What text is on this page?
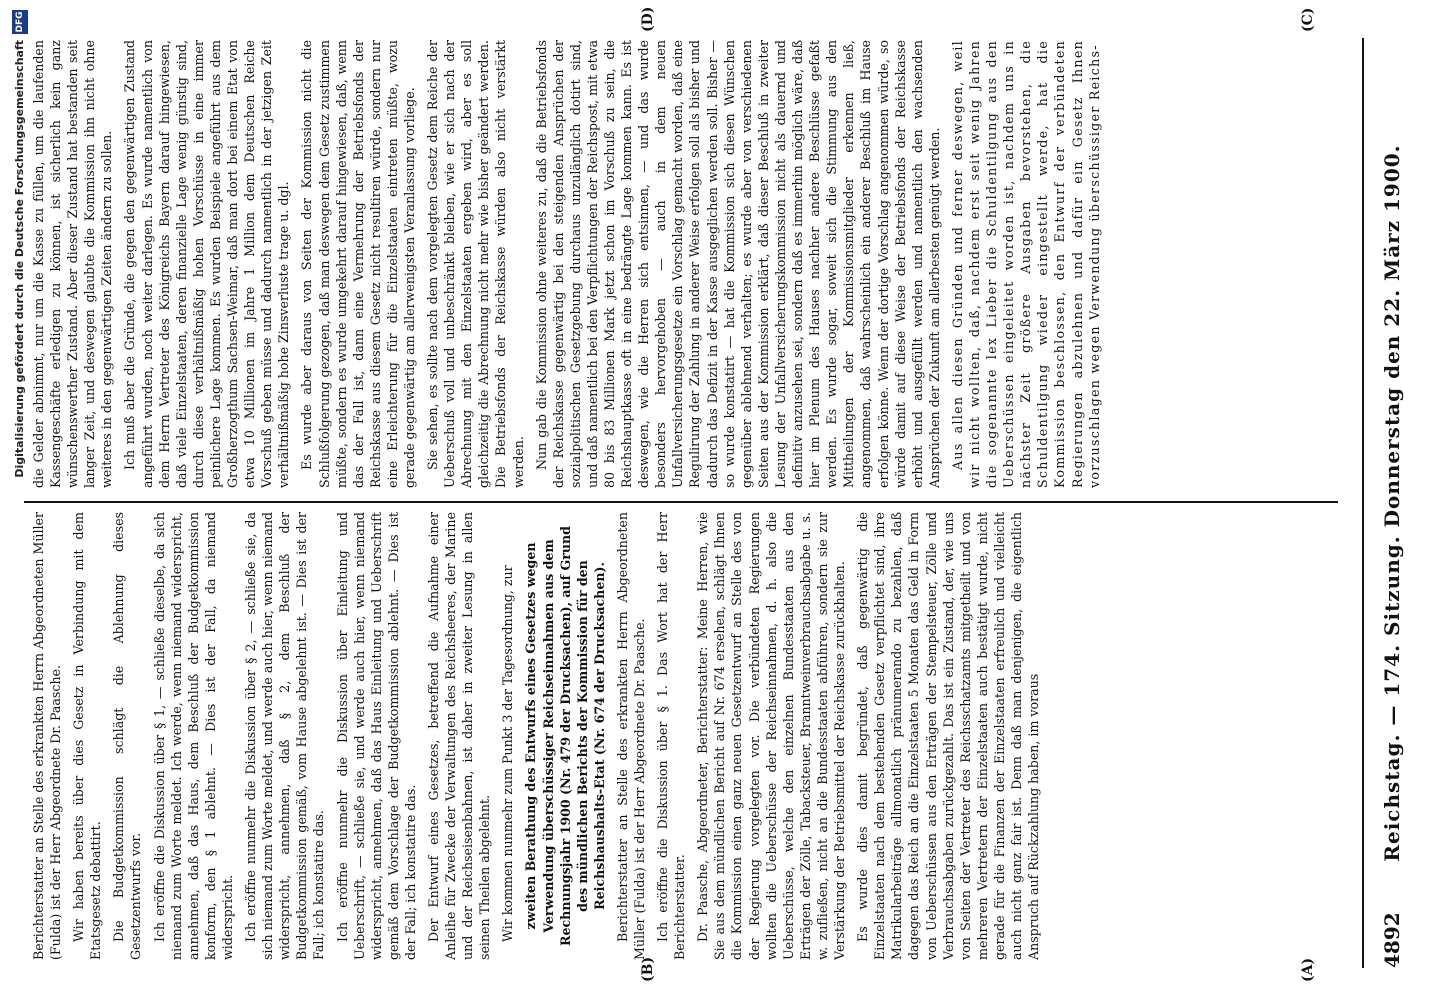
4892
Reichstag. — 174. Sitzung. Donnerstag den 22. März 1900.
(A)
(B)
(C)
(D)

Berichterstatter an Stelle des erkrankten Herrn Abgeordneten Müller (Fulda) ist der Herr Abgeordnete Dr. Paasche. Wir haben bereits über dies Gesetz in Verbindung mit dem Etatsgesetz debattirt. Die Budgetkommission schlägt die Ablehnung dieses Gesetzentwurfs vor. Ich eröffne die Diskussion über § 1, — schließe dieselbe, da sich niemand zum Worte meldet. Ich werde, wenn niemand widerspricht, annehmen, daß das Haus, dem Beschluß der Budgetkommission konform, den § 1 ablehnt. — Dies ist der Fall, da niemand widerspricht. Ich eröffne nunmehr die Diskussion über § 2, — schließe sie, da sich niemand zum Worte meldet, und werde auch hier, wenn niemand widerspricht, annehmen, daß § 2, dem Beschluß der Budgetkommission gemäß, vom Hause abgelehnt ist. — Dies ist der Fall; ich konstatire das. Ich eröffne nunmehr die Diskussion über Einleitung und Ueberschrift, — schließe sie, und werde auch hier, wenn niemand widerspricht, annehmen, daß das Haus Einleitung und Ueberschrift gemäß dem Vorschlage der Budgetkommission ablehnt. — Dies ist der Fall; ich konstatire das. Der Entwurf eines Gesetzes, betreffend die Aufnahme einer Anleihe für Zwecke der Verwaltungen des Reichsheeres, der Marine und der Reichseisenbahnen, ist daher in zweiter Lesung in allen seinen Theilen abgelehnt. Wir kommen nunmehr zum Punkt 3 der Tagesordnung, zur zweiten Berathung des Entwurfs eines Gesetzes wegen Verwendung überschüssiger Reichseinnahmen aus dem Rechnungsjahr 1900 (Nr. 479 der Drucksachen), auf Grund des mündlichen Berichts der Kommission für den Reichshaushalts-Etat (Nr. 674 der Drucksachen). Berichterstatter an Stelle des erkrankten Herrn Abgeordneten Müller (Fulda) ist der Herr Abgeordnete Dr. Paasche. Ich eröffne die Diskussion über § 1. Das Wort hat der Herr Berichterstatter. Dr. Paasche, Abgeordneter, Berichterstatter: Meine Herren, wie Sie aus dem mündlichen Bericht auf Nr. 674 ersehen, schlägt Ihnen die Kommission einen ganz neuen Gesetzentwurf an Stelle des von der Regierung vorgelegten vor. Die verbündeten Regierungen wollten die Ueberschüsse der Reichseinnahmen, d. h. also die Ueberschüsse, welche den einzelnen Bundesstaaten aus den Erträgen der Zölle, Tabacksteuer, Branntweinverbrauchsabgabe u. s. w. zufließen, nicht an die Bundesstaaten abführen, sondern sie zur Verstärkung der Betriebsmittel der Reichskasse zurückhalten. Es wurde dies damit begründet, daß gegenwärtig die Einzelstaaten nach dem bestehenden Gesetz verpflichtet sind, ihre Matrikularbeiträge allmonatlich pränumerando zu bezahlen, daß dagegen das Reich an die Einzelstaaten 5 Monaten das Geld in Form von Ueberschüssen aus den Erträgen der Stempelsteuer, Zölle und Verbrauchsabgaben zurückgezahlt. Das ist ein Zustand, der, wie uns von Seiten der Vertreter des Reichsschatzamts mitgetheilt und von mehreren Vertretern der Einzelstaaten auch bestätigt wurde, nicht gerade für die Finanzen der Einzelstaaten erfreulich und vielleicht auch nicht ganz fair ist. Denn daß man denjenigen, die eigentlich Anspruch auf Rückzahlung haben, im voraus

die Gelder abnimmt, nur um die Kasse zu füllen, um die laufenden Kassengeschäfte erledigen zu können, ist sicherlich kein ganz wünschenswerther Zustand. Aber dieser Zustand hat bestanden seit langer Zeit, und deswegen glaubte die Kommission ihn nicht ohne weiteres in den gegenwärtigen Zeiten ändern zu sollen. Ich muß aber die Gründe, die gegen den gegenwärtigen Zustand angeführt wurden, noch weiter darlegen. Es wurde namentlich von dem Herrn Vertreter des Königreichs Bayern darauf hingewiesen, daß viele Einzelstaaten, deren finanzielle Lage wenig günstig sind, durch diese verhältnißmäßig hohen Vorschüsse in eine immer peinlichere Lage kommen. Es wurden Beispiele angeführt aus dem Großherzogthum Sachsen-Weimar, daß man dort bei einem Etat von etwa 10 Millionen im Jahre 1 Million dem Deutschen Reiche Vorschuß geben müsse und dadurch namentlich in der jetzigen Zeit verhältnißmäßig hohe Zinsverluste trage u. dgl. Es wurde aber daraus von Seiten der Kommission nicht die Schlußfolgerung gezogen, daß man deswegen dem Gesetz zustimmen müßte, sondern es wurde umgekehrt darauf hingewiesen, daß, wenn das der Fall ist, dann eine Vermehrung der Betriebsfonds der Reichskasse aus diesem Gesetz nicht resultiren würde, sondern nur eine Erleichterung für die Einzelstaaten eintreten müßte, wozu gerade gegenwärtig am allerwenigsten Veranlassung vorliege. Sie sehen, es sollte nach dem vorgelegten Gesetz dem Reiche der Ueberschuß voll und unbeschränkt bleiben, wie er sich nach der Abrechnung mit den Einzelstaaten ergeben wird, aber es soll gleichzeitig die Abrechnung nicht mehr wie bisher geändert werden. Die Betriebsfonds der Reichskasse würden also nicht verstärkt werden. Nun gab die Kommission ohne weiteres zu, daß die Betriebsfonds der Reichskasse gegenwärtig bei den steigenden Ansprüchen der sozialpolitischen Gesetzgebung durchaus unzulänglich dotirt sind, und daß namentlich bei den Verpflichtungen der Reichspost, mit etwa 80 bis 83 Millionen Mark jetzt schon im Vorschuß zu sein, die Reichshauptkasse oft in eine bedrängte Lage kommen kann. Es ist deswegen, wie die Herren sich entsinnen, — und das wurde besonders hervorgehoben — auch in dem neuen Unfallversicherungsgesetze ein Vorschlag gemacht worden, daß eine Regulirung der Zahlung in anderer Weise erfolgen soll als bisher und dadurch das Defizit in der Kasse ausgeglichen werden soll. Bisher — so wurde konstatirt — hat die Kommission sich diesen Wünschen gegenüber ablehnend verhalten; es wurde aber von verschiedenen Seiten aus der Kommission erklärt, daß dieser Beschluß in zweiter Lesung der Unfallversicherungskommission nicht als dauernd und definitiv anzusehen sei, sondern daß es immerhin möglich wäre, daß hier im Plenum des Hauses nachher andere Beschlüsse gefaßt werden. Es wurde sogar, soweit sich die Stimmung aus den Mittheilungen der Kommissionsmitglieder erkennen ließ, angenommen, daß wahrscheinlich ein anderer Beschluß im Hause erfolgen könne. Wenn der dortige Vorschlag angenommen würde, so würde damit auf diese Weise der Betriebsfonds der Reichskasse erhöht und ausgefüllt werden und namentlich den wachsenden Ansprüchen der Zukunft am allerbesten genügt werden. Aus allen diesen Gründen und ferner deswegen, weil wir nicht wollten, daß, nachdem erst seit wenig Jahren die sogenannte lex Lieber die Schuldentilgung aus den Ueberschüssen eingeleitet worden ist, nachdem uns in nächster Zeit größere Ausgaben bevorstehen, die Schuldentilgung wieder eingestellt werde, hat die Kommission beschlossen, den Entwurf der verbündeten Regierungen abzulehnen und dafür ein Gesetz Ihnen vorzuschlagen wegen Verwendung überschüssiger Reichs-

Digitalisierung gefördert durch die Deutsche Forschungsgemeinschaft
DFG
